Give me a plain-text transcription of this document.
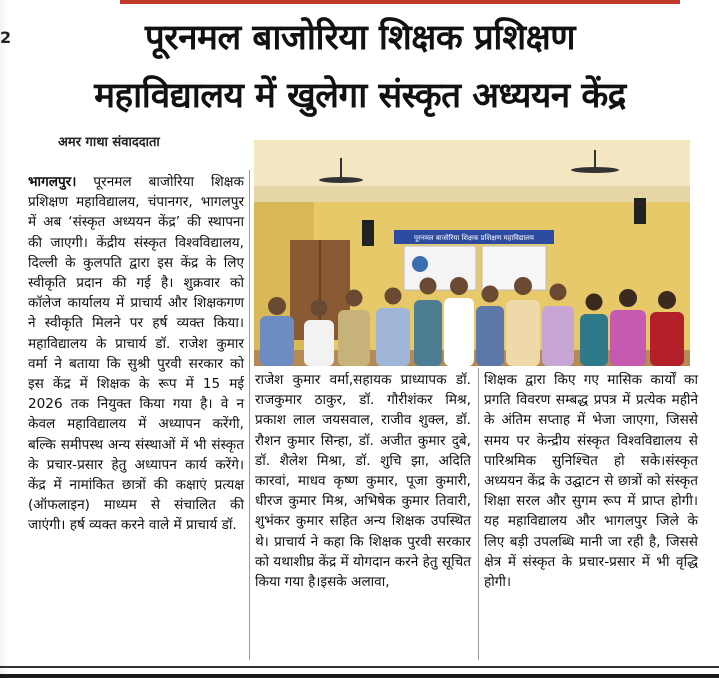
2	पूरनमल बाजोरिया शिक्षक प्रशिक्षण
महाविद्यालय में खुलेगा संस्कृत अध्ययन केंद्र
अमर गाथा संवाददाता
पूरनमल बाजोरिया शिक्षक प्रशिक्षण महाविद्यालय

भागलपुर। पूरनमल बाजोरिया शिक्षक प्रशिक्षण महाविद्यालय, चंपानगर, भागलपुर में अब ‘संस्कृत अध्ययन केंद्र’ की स्थापना की जाएगी। केंद्रीय संस्कृत विश्वविद्यालय, दिल्ली के कुलपति द्वारा इस केंद्र के लिए स्वीकृति प्रदान की गई है। शुक्रवार को कॉलेज कार्यालय में प्राचार्य और शिक्षकगण ने स्वीकृति मिलने पर हर्ष व्यक्त किया।महाविद्यालय के प्राचार्य डॉ. राजेश कुमार वर्मा ने बताया कि सुश्री पुरवी सरकार को इस केंद्र में शिक्षक के रूप में 15 मई 2026 तक नियुक्त किया गया है। वे न केवल महाविद्यालय में अध्यापन करेंगी, बल्कि समीपस्थ अन्य संस्थाओं में भी संस्कृत के प्रचार-प्रसार हेतु अध्यापन कार्य करेंगे। केंद्र में नामांकित छात्रों की कक्षाएं प्रत्यक्ष (ऑफलाइन) माध्यम से संचालित की जाएंगी। हर्ष व्यक्त करने वाले में प्राचार्य डॉ.

राजेश कुमार वर्मा,सहायक प्राध्यापक डॉ. राजकुमार ठाकुर, डॉ. गौरीशंकर मिश्र, प्रकाश लाल जयसवाल, राजीव शुक्ल, डॉ. रौशन कुमार सिन्हा, डॉ. अजीत कुमार दुबे, डॉ. शैलेश मिश्रा, डॉ. शुचि झा, अदिति कारवां, माधव कृष्ण कुमार, पूजा कुमारी, धीरज कुमार मिश्र, अभिषेक कुमार तिवारी, शुभंकर कुमार सहित अन्य शिक्षक उपस्थित थे। प्राचार्य ने कहा कि शिक्षक पुरवी सरकार को यथाशीघ्र केंद्र में योगदान करने हेतु सूचित किया गया है।इसके अलावा,

शिक्षक द्वारा किए गए मासिक कार्यों का प्रगति विवरण सम्बद्ध प्रपत्र में प्रत्येक महीने के अंतिम सप्ताह में भेजा जाएगा, जिससे समय पर केन्द्रीय संस्कृत विश्वविद्यालय से पारिश्रमिक सुनिश्चित हो सके।संस्कृत अध्ययन केंद्र के उद्घाटन से छात्रों को संस्कृत शिक्षा सरल और सुगम रूप में प्राप्त होगी। यह महाविद्यालय और भागलपुर जिले के लिए बड़ी उपलब्धि मानी जा रही है, जिससे क्षेत्र में संस्कृत के प्रचार-प्रसार में भी वृद्धि होगी।
